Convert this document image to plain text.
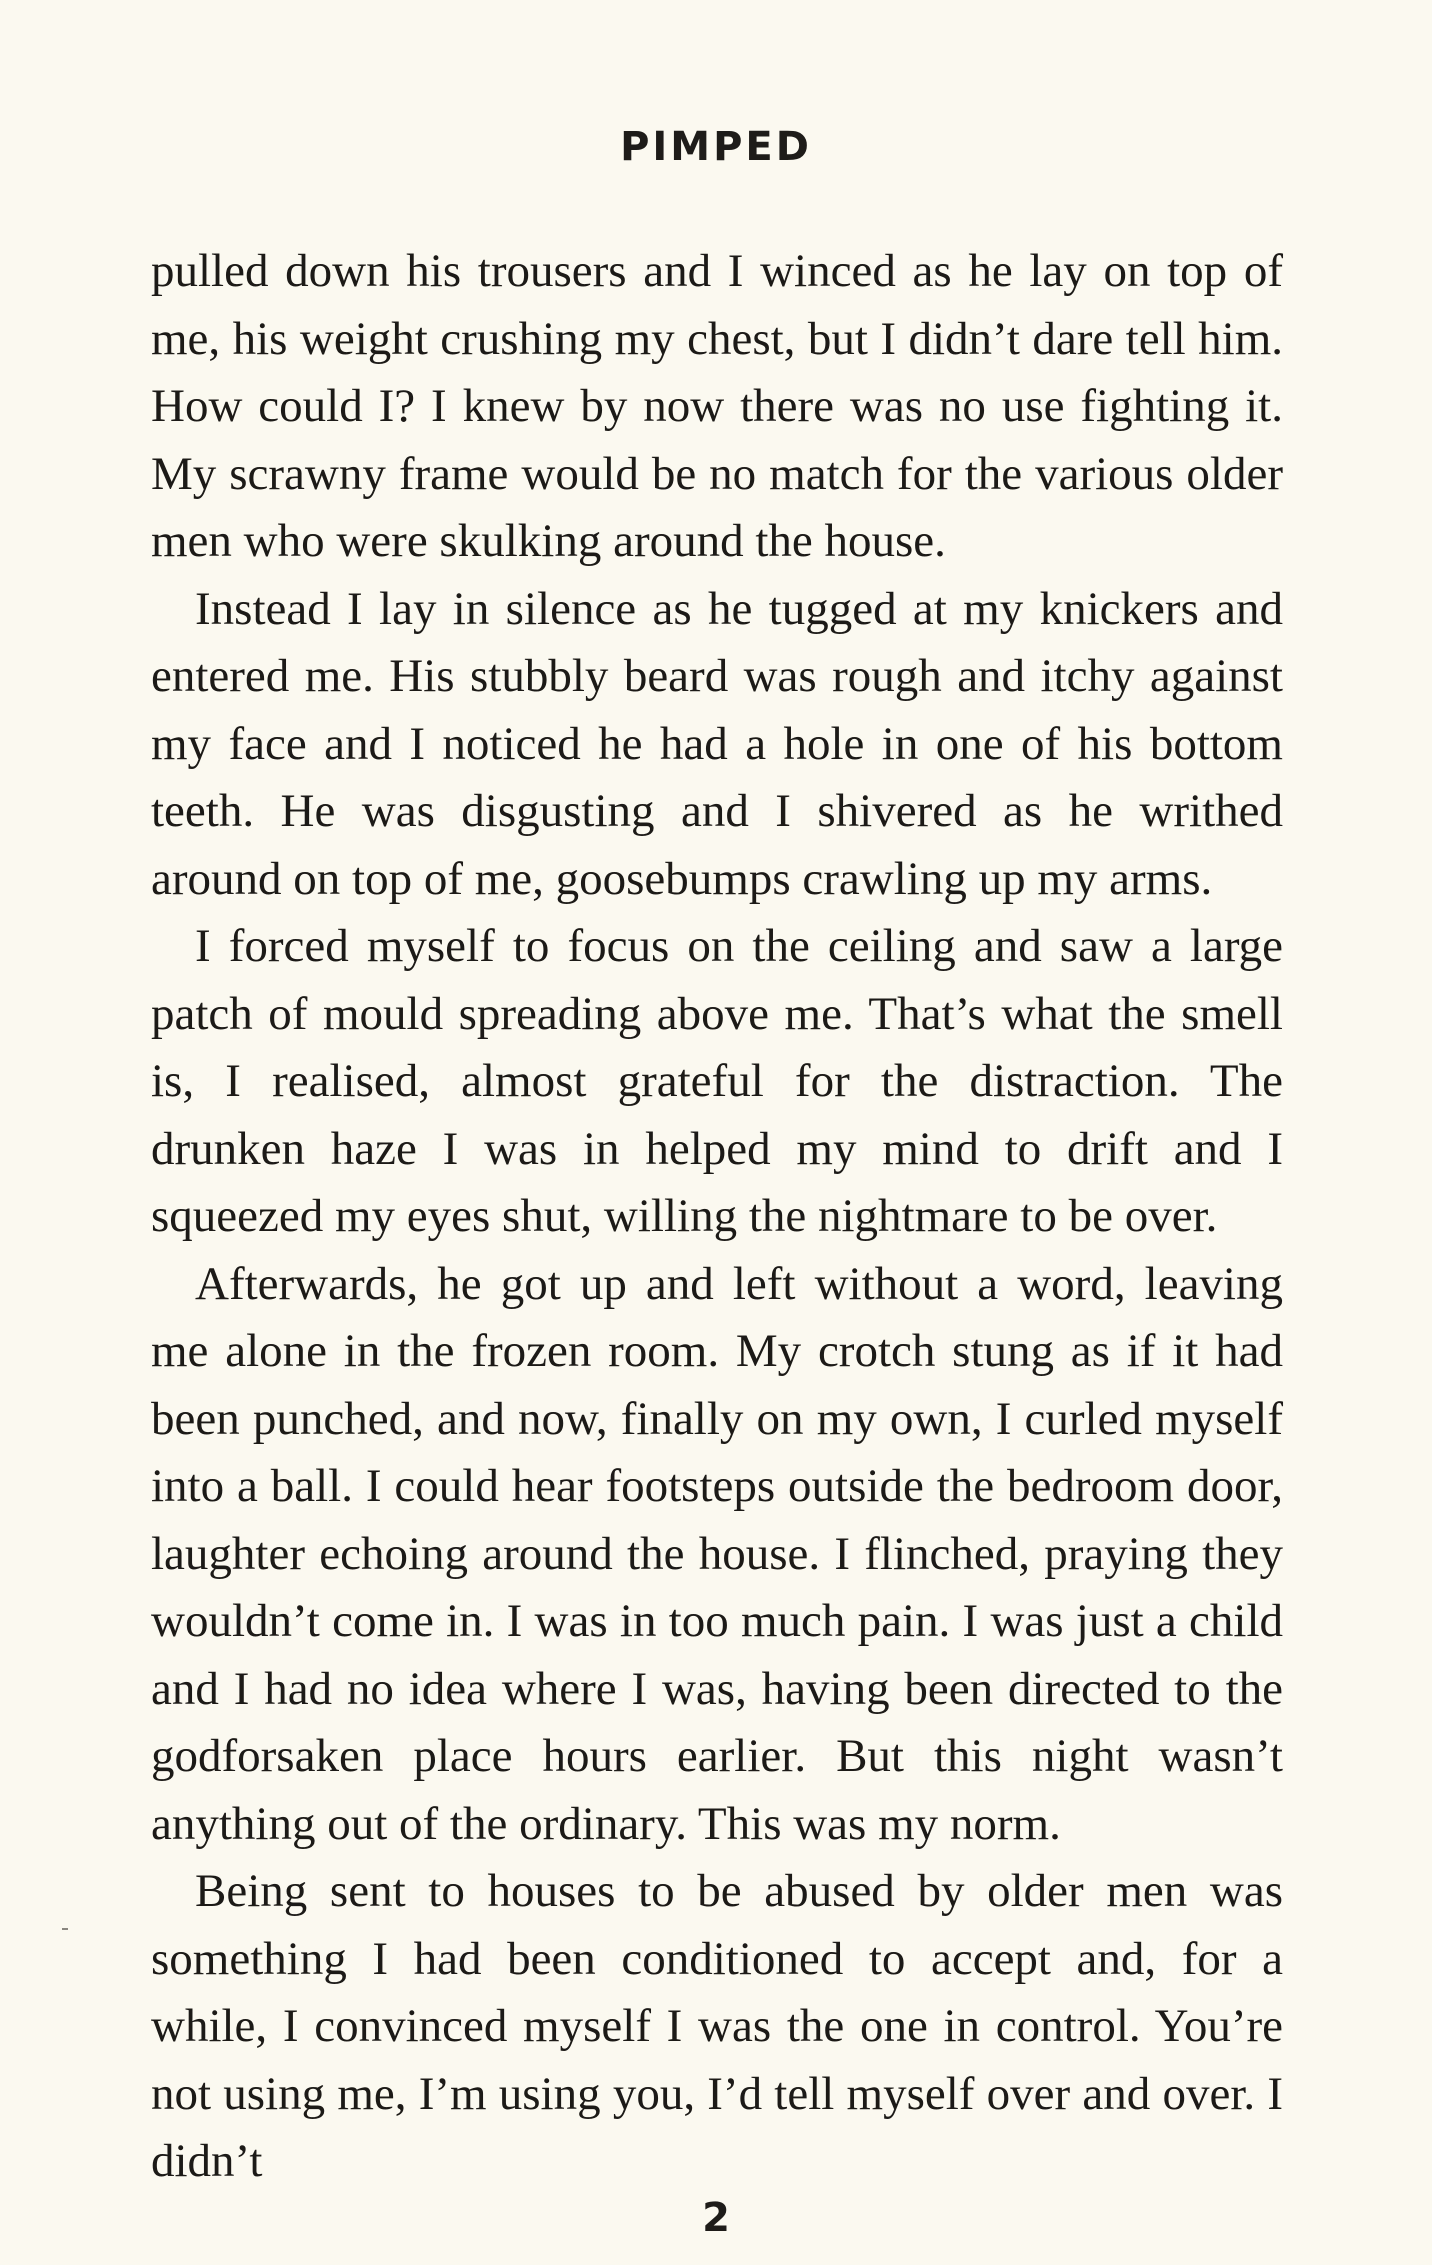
PIMPED

pulled down his trousers and I winced as he lay on top of me, his weight crushing my chest, but I didn’t dare tell him. How could I? I knew by now there was no use fighting it. My scrawny frame would be no match for the various older men who were skulking around the house.

Instead I lay in silence as he tugged at my knickers and entered me. His stubbly beard was rough and itchy against my face and I noticed he had a hole in one of his bottom teeth. He was disgusting and I shivered as he writhed around on top of me, goosebumps crawling up my arms.

I forced myself to focus on the ceiling and saw a large patch of mould spreading above me. That’s what the smell is, I realised, almost grateful for the distraction. The drunken haze I was in helped my mind to drift and I squeezed my eyes shut, willing the nightmare to be over.

Afterwards, he got up and left without a word, leaving me alone in the frozen room. My crotch stung as if it had been punched, and now, finally on my own, I curled myself into a ball. I could hear footsteps outside the bedroom door, laughter echoing around the house. I flinched, praying they wouldn’t come in. I was in too much pain. I was just a child and I had no idea where I was, having been directed to the godforsaken place hours earlier. But this night wasn’t anything out of the ordinary. This was my norm.

Being sent to houses to be abused by older men was something I had been conditioned to accept and, for a while, I convinced myself I was the one in control. You’re not using me, I’m using you, I’d tell myself over and over. I didn’t

2
